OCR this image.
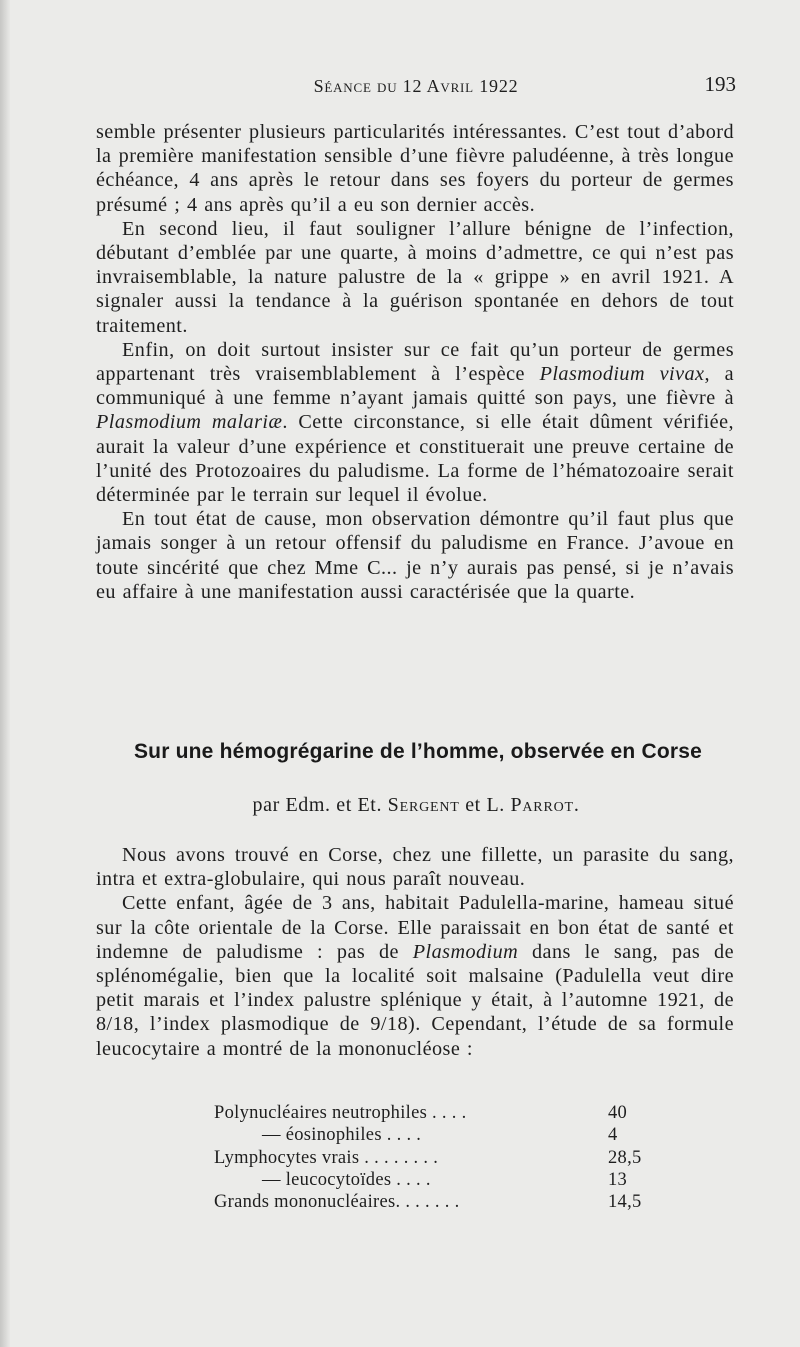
Séance du 12 Avril 1922	193

semble présenter plusieurs particularités intéressantes. C’est tout d’abord la première manifestation sensible d’une fièvre paludéenne, à très longue échéance, 4 ans après le retour dans ses foyers du porteur de germes présumé ; 4 ans après qu’il a eu son dernier accès.

En second lieu, il faut souligner l’allure bénigne de l’infection, débutant d’emblée par une quarte, à moins d’admettre, ce qui n’est pas invraisemblable, la nature palustre de la « grippe » en avril 1921. A signaler aussi la tendance à la guérison spontanée en dehors de tout traitement.

Enfin, on doit surtout insister sur ce fait qu’un porteur de germes appartenant très vraisemblablement à l’espèce Plasmodium vivax, a communiqué à une femme n’ayant jamais quitté son pays, une fièvre à Plasmodium malariæ. Cette circonstance, si elle était dûment vérifiée, aurait la valeur d’une expérience et constituerait une preuve certaine de l’unité des Protozoaires du paludisme. La forme de l’hématozoaire serait déterminée par le terrain sur lequel il évolue.

En tout état de cause, mon observation démontre qu’il faut plus que jamais songer à un retour offensif du paludisme en France. J’avoue en toute sincérité que chez Mme C... je n’y aurais pas pensé, si je n’avais eu affaire à une manifestation aussi caractérisée que la quarte.

Sur une hémogrégarine de l’homme, observée en Corse
par Edm. et Et. Sergent et L. Parrot.

Nous avons trouvé en Corse, chez une fillette, un parasite du sang, intra et extra-globulaire, qui nous paraît nouveau.

Cette enfant, âgée de 3 ans, habitait Padulella-marine, hameau situé sur la côte orientale de la Corse. Elle paraissait en bon état de santé et indemne de paludisme : pas de Plasmodium dans le sang, pas de splénomégalie, bien que la localité soit malsaine (Padulella veut dire petit marais et l’index palustre splénique y était, à l’automne 1921, de 8/18, l’index plasmodique de 9/18). Cependant, l’étude de sa formule leucocytaire a montré de la mononucléose :

Polynucléaires neutrophiles . . . .	40
— éosinophiles . . . .	4
Lymphocytes vrais . . . . . . . .	28,5
— leucocytoïdes . . . .	13
Grands mononucléaires. . . . . . .	14,5
